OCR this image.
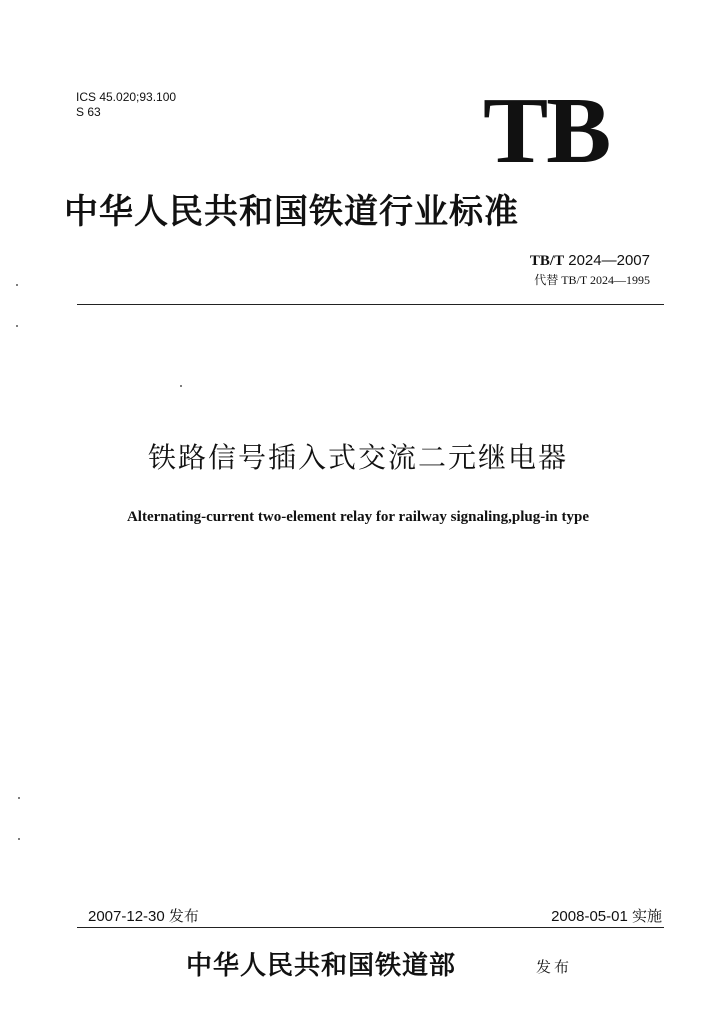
ICS 45.020;93.100
S 63	TB
中华人民共和国铁道行业标准
TB/T 2024—2007
代替 TB/T 2024—1995
铁路信号插入式交流二元继电器
Alternating-current two-element relay for railway signaling,plug-in type
2007-12-30 发布	2008-05-01 实施
中华人民共和国铁道部	发布
